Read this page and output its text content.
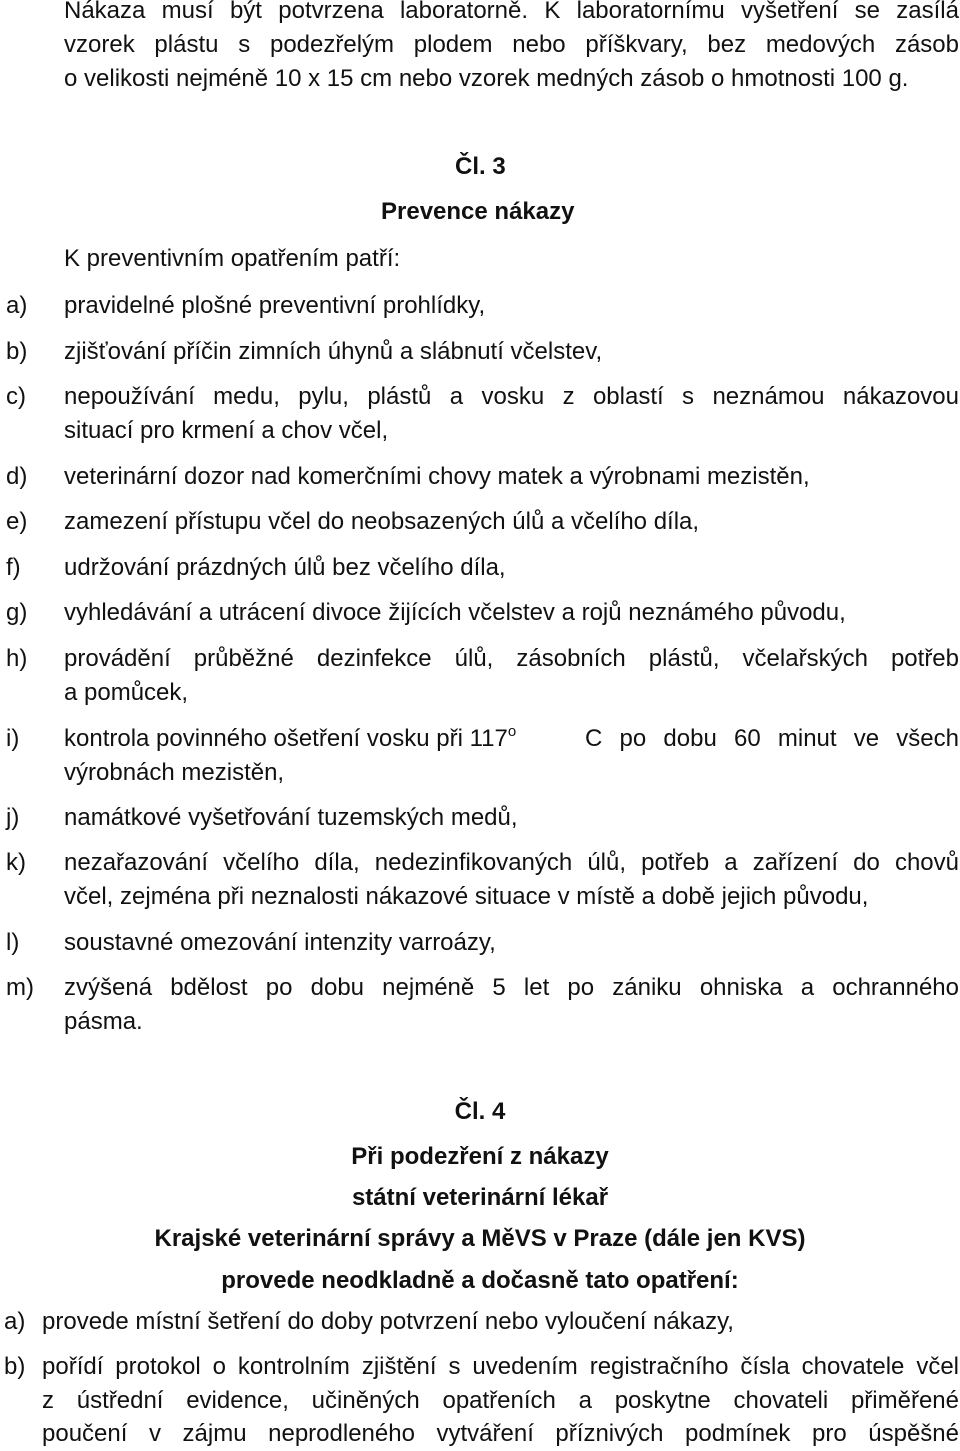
Nákaza musí být potvrzena laboratorně. K laboratornímu vyšetření se zasílá
vzorek plástu s podezřelým plodem nebo příškvary, bez medových zásob
o velikosti nejméně 10 x 15 cm nebo vzorek medných zásob o hmotnosti 100 g.
Čl. 3
Prevence nákazy
K preventivním opatřením patří:
a) pravidelné plošné preventivní prohlídky,
b) zjišťování příčin zimních úhynů a slábnutí včelstev,
c) nepoužívání medu, pylu, plástů a vosku z oblastí s neznámou nákazovou
situací pro krmení a chov včel,
d) veterinární dozor nad komerčními chovy matek a výrobnami mezistěn,
e) zamezení přístupu včel do neobsazených úlů a včelího díla,
f) udržování prázdných úlů bez včelího díla,
g) vyhledávání a utrácení divoce žijících včelstev a rojů neznámého původu,
h) provádění průběžné dezinfekce úlů, zásobních plástů, včelařských potřeb
a pomůcek,
i) kontrola povinného ošetření vosku při 117$^o$	C po dobu 60 minut ve všech
výrobnách mezistěn,
j) namátkové vyšetřování tuzemských medů,
k) nezařazování včelího díla, nedezinfikovaných úlů, potřeb a zařízení do chovů
včel, zejména při neznalosti nákazové situace v místě a době jejich původu,
l) soustavné omezování intenzity varroázy,
m) zvýšená bdělost po dobu nejméně 5 let po zániku ohniska a ochranného
pásma.
Čl. 4
Při podezření z nákazy
státní veterinární lékař
Krajské veterinární správy a MěVS v Praze (dále jen KVS)
provede neodkladně a dočasně tato opatření:
a) provede místní šetření do doby potvrzení nebo vyloučení nákazy,
b) pořídí protokol o kontrolním zjištění s uvedením registračního čísla chovatele včel
z ústřední evidence, učiněných opatřeních a poskytne chovateli přiměřené
poučení v zájmu neprodleného vytváření příznivých podmínek pro úspěšné
